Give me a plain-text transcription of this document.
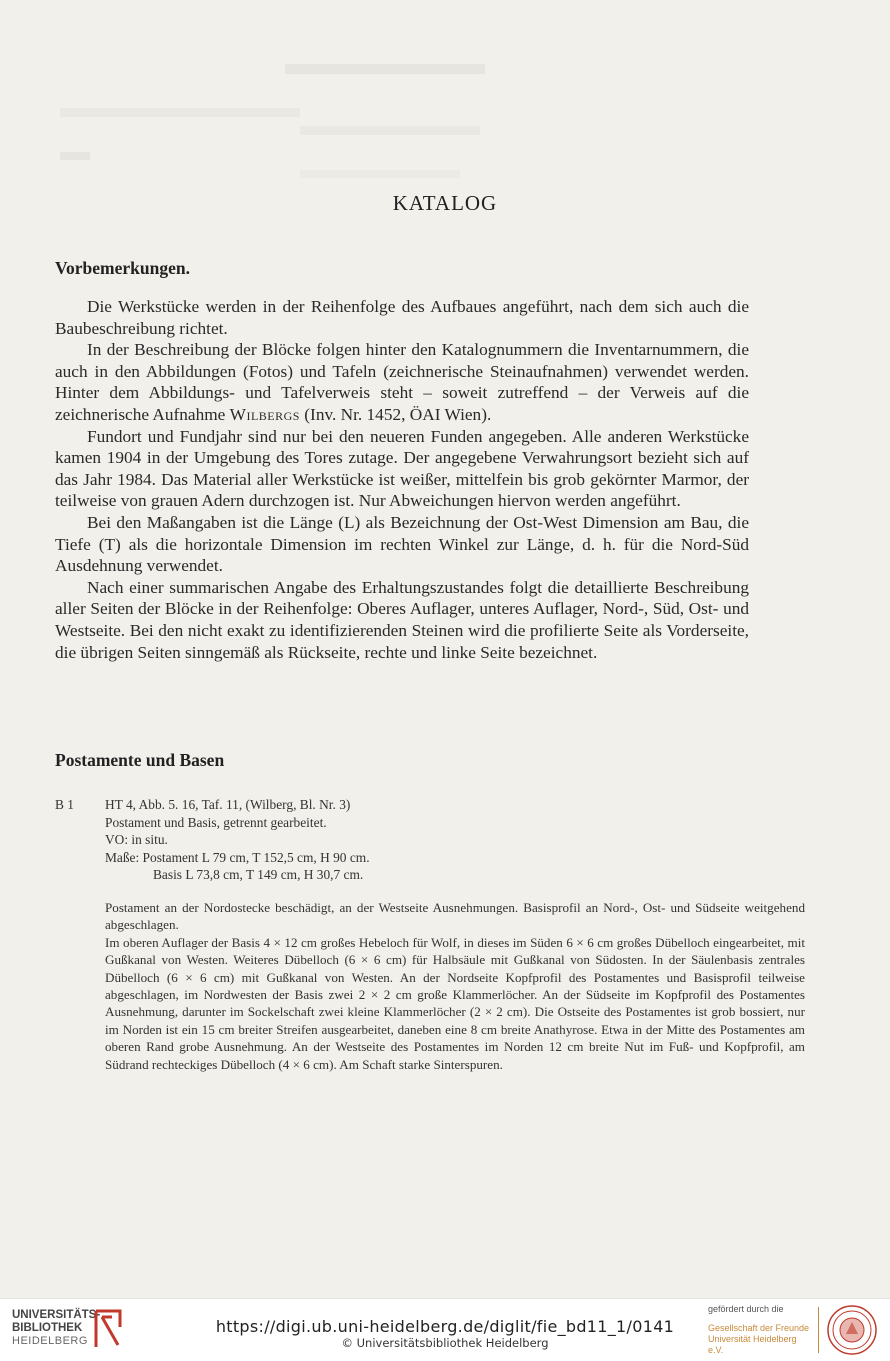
KATALOG
Vorbemerkungen.

Die Werkstücke werden in der Reihenfolge des Aufbaues angeführt, nach dem sich auch die Baubeschreibung richtet.

In der Beschreibung der Blöcke folgen hinter den Katalognummern die Inventarnummern, die auch in den Abbildungen (Fotos) und Tafeln (zeichnerische Steinaufnahmen) verwendet werden. Hinter dem Abbildungs- und Tafelverweis steht – soweit zutreffend – der Verweis auf die zeichnerische Aufnahme Wilbergs (Inv. Nr. 1452, ÖAI Wien).

Fundort und Fundjahr sind nur bei den neueren Funden angegeben. Alle anderen Werkstücke kamen 1904 in der Umgebung des Tores zutage. Der angegebene Verwahrungsort bezieht sich auf das Jahr 1984. Das Material aller Werkstücke ist weißer, mittelfein bis grob gekörnter Marmor, der teilweise von grauen Adern durchzogen ist. Nur Abweichungen hiervon werden angeführt.

Bei den Maßangaben ist die Länge (L) als Bezeichnung der Ost-West Dimension am Bau, die Tiefe (T) als die horizontale Dimension im rechten Winkel zur Länge, d. h. für die Nord-Süd Ausdehnung verwendet.

Nach einer summarischen Angabe des Erhaltungszustandes folgt die detaillierte Beschreibung aller Seiten der Blöcke in der Reihenfolge: Oberes Auflager, unteres Auflager, Nord-, Süd, Ost- und Westseite. Bei den nicht exakt zu identifizierenden Steinen wird die profilierte Seite als Vorderseite, die übrigen Seiten sinngemäß als Rückseite, rechte und linke Seite bezeichnet.

Postamente und Basen
B 1 HT 4, Abb. 5. 16, Taf. 11, (Wilberg, Bl. Nr. 3)
Postament und Basis, getrennt gearbeitet.
VO: in situ.
Maße: Postament L 79 cm, T 152,5 cm, H 90 cm.
Basis L 73,8 cm, T 149 cm, H 30,7 cm.

Postament an der Nordostecke beschädigt, an der Westseite Ausnehmungen. Basisprofil an Nord-, Ost- und Südseite weitgehend abgeschlagen.

Im oberen Auflager der Basis 4 × 12 cm großes Hebeloch für Wolf, in dieses im Süden 6 × 6 cm großes Dübelloch eingearbeitet, mit Gußkanal von Westen. Weiteres Dübelloch (6 × 6 cm) für Halbsäule mit Gußkanal von Südosten. In der Säulenbasis zentrales Dübelloch (6 × 6 cm) mit Gußkanal von Westen. An der Nordseite Kopfprofil des Postamentes und Basisprofil teilweise abgeschlagen, im Nordwesten der Basis zwei 2 × 2 cm große Klammerlöcher. An der Südseite im Kopfprofil des Postamentes Ausnehmung, darunter im Sockelschaft zwei kleine Klammerlöcher (2 × 2 cm). Die Ostseite des Postamentes ist grob bossiert, nur im Norden ist ein 15 cm breiter Streifen ausgearbeitet, daneben eine 8 cm breite Anathyrose. Etwa in der Mitte des Postamentes am oberen Rand grobe Ausnehmung. An der Westseite des Postamentes im Norden 12 cm breite Nut im Fuß- und Kopfprofil, am Südrand rechteckiges Dübelloch (4 × 6 cm). Am Schaft starke Sinterspuren.

UNIVERSITÄTS-
BIBLIOTHEK
HEIDELBERG
https://digi.ub.uni-heidelberg.de/diglit/fie_bd11_1/0141
© Universitätsbibliothek Heidelberg
gefördert durch die
Gesellschaft der Freunde
Universität Heidelberg e.V.
